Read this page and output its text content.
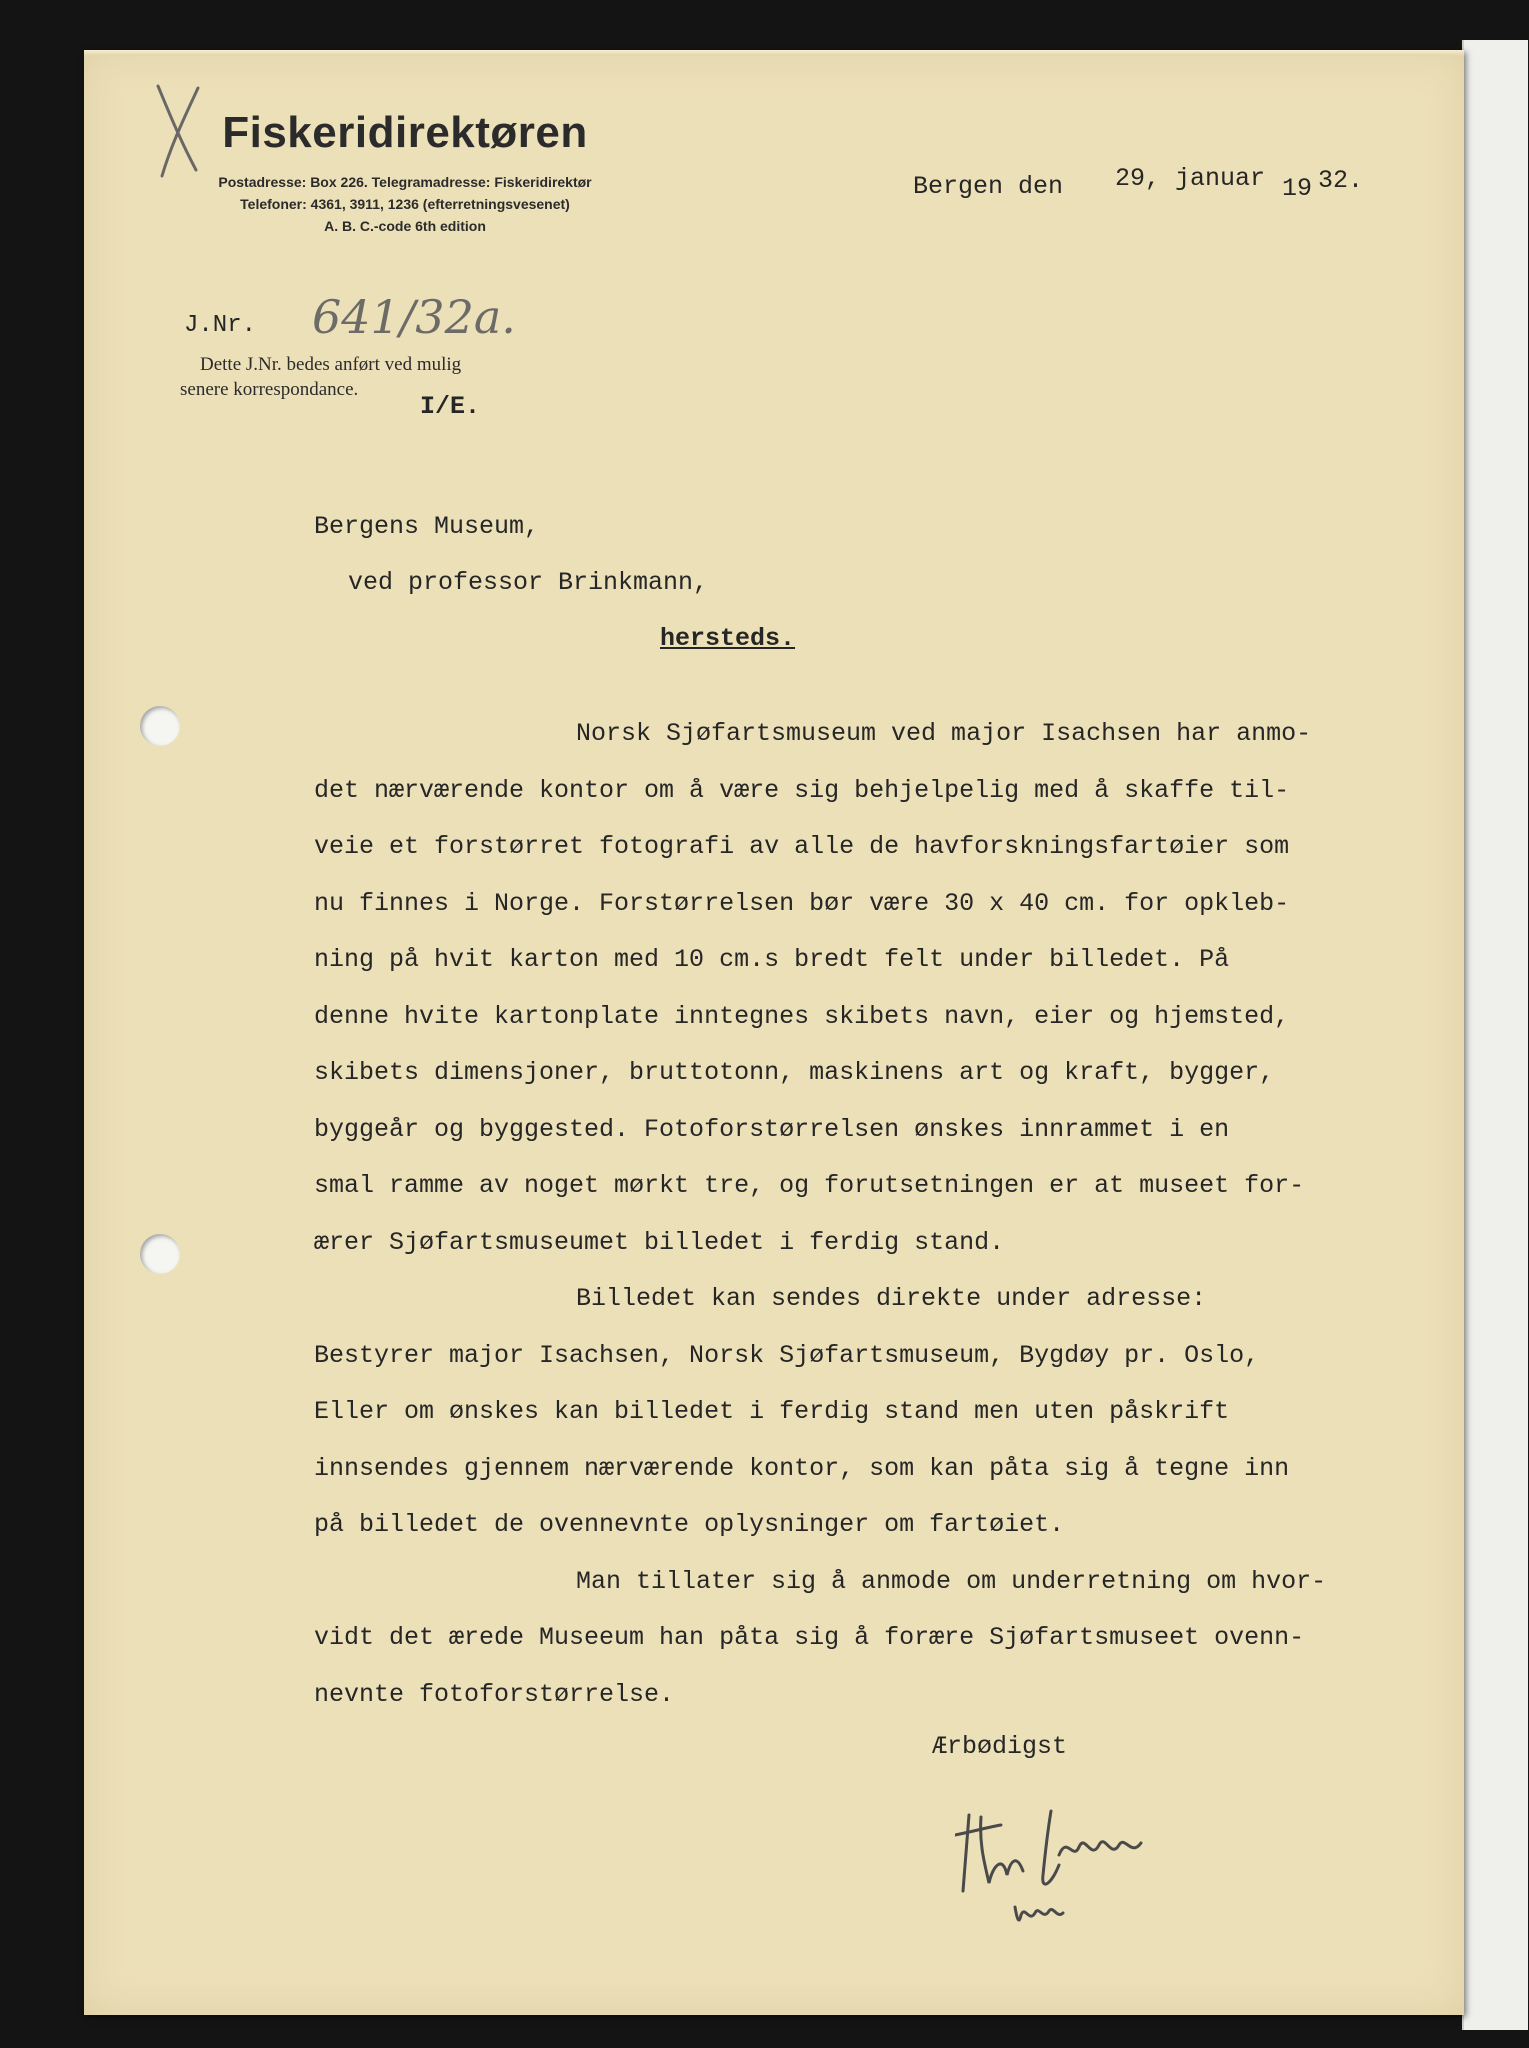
Fiskeridirektøren
Postadresse: Box 226. Telegramadresse: Fiskeridirektør
Telefoner: 4361, 3911, 1236 (efterretningsvesenet)
A. B. C.-code 6th edition
Bergen den 29, januar 19 32.
J.Nr. 641/32a.
Dette J.Nr. bedes anført ved mulig
senere korrespondance.
I/E.
Bergens Museum,
ved professor Brinkmann,
hersteds.
Norsk Sjøfartsmuseum ved major Isachsen har anmo-
det nærværende kontor om å være sig behjelpelig med å skaffe til-
veie et forstørret fotografi av alle de havforskningsfartøier som
nu finnes i Norge. Forstørrelsen bør være 30 x 40 cm. for opkleb-
ning på hvit karton med 10 cm.s bredt felt under billedet. På
denne hvite kartonplate inntegnes skibets navn, eier og hjemsted,
skibets dimensjoner, bruttotonn, maskinens art og kraft, bygger,
byggeår og byggested. Fotoforstørrelsen ønskes innrammet i en
smal ramme av noget mørkt tre, og forutsetningen er at museet for-
ærer Sjøfartsmuseumet billedet i ferdig stand.
Billedet kan sendes direkte under adresse:
Bestyrer major Isachsen, Norsk Sjøfartsmuseum, Bygdøy pr. Oslo,
Eller om ønskes kan billedet i ferdig stand men uten påskrift
innsendes gjennem nærværende kontor, som kan påta sig å tegne inn
på billedet de ovennevnte oplysninger om fartøiet.
Man tillater sig å anmode om underretning om hvor-
vidt det ærede Museeum han påta sig å forære Sjøfartsmuseet ovenn-
nevnte fotoforstørrelse.
Ærbødigst
